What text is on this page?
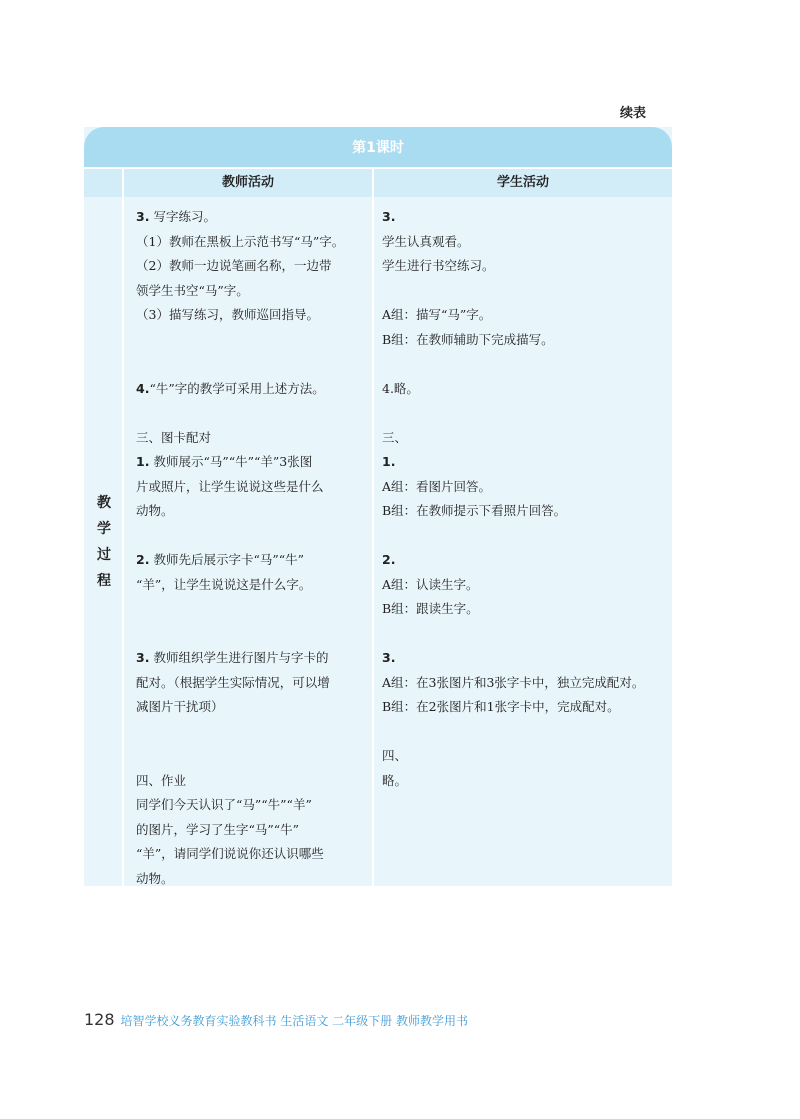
续表
第1课时
教师活动	学生活动
教
学
过
程
3. 写字练习。
（1）教师在黑板上示范书写“马”字。
（2）教师一边说笔画名称，一边带
领学生书空“马”字。
（3）描写练习，教师巡回指导。
4.“牛”字的教学可采用上述方法。
三、图卡配对
1. 教师展示“马”“牛”“羊”3张图
片或照片，让学生说说这些是什么
动物。
2. 教师先后展示字卡“马”“牛”
“羊”，让学生说说这是什么字。
3. 教师组织学生进行图片与字卡的
配对。（根据学生实际情况，可以增
减图片干扰项）
四、作业
同学们今天认识了“马”“牛”“羊”
的图片，学习了生字“马”“牛”
“羊”，请同学们说说你还认识哪些
动物。
3.
学生认真观看。
学生进行书空练习。
A组：描写“马”字。
B组：在教师辅助下完成描写。
4.略。
三、
1.
A组：看图片回答。
B组：在教师提示下看照片回答。
2.
A组：认读生字。
B组：跟读生字。
3.
A组：在3张图片和3张字卡中，独立完成配对。
B组：在2张图片和1张字卡中，完成配对。
四、
略。
128 培智学校义务教育实验教科书 生活语文 二年级下册 教师教学用书
